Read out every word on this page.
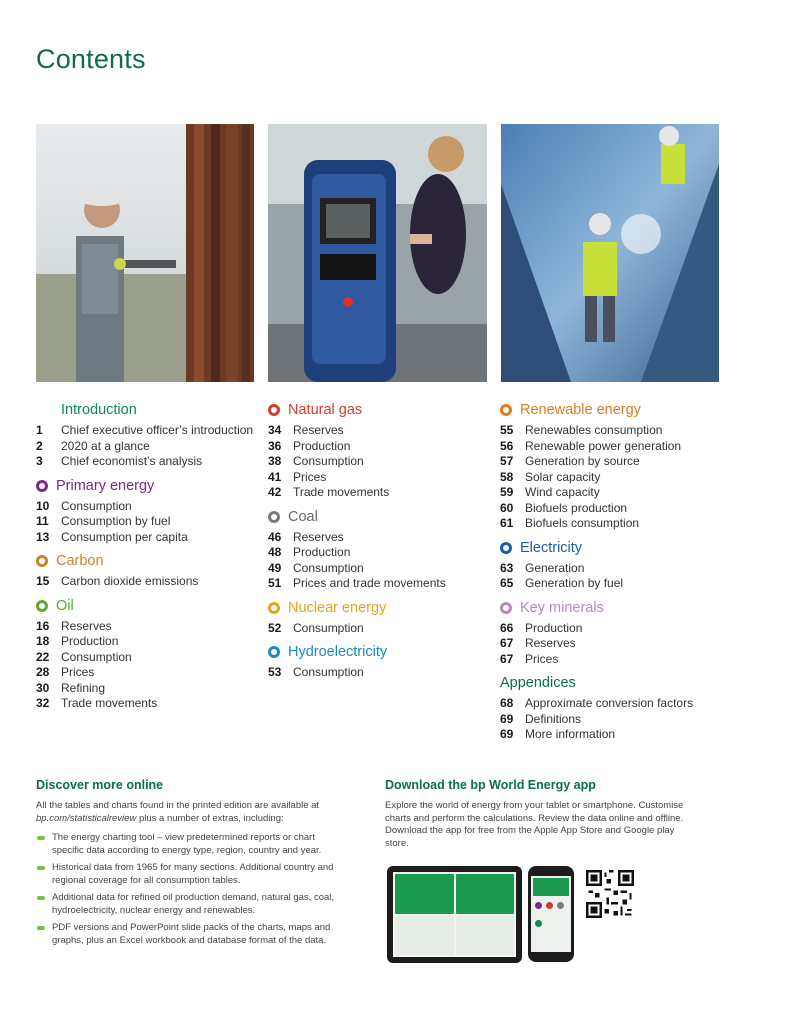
Contents
Introduction
1	Chief executive officer’s introduction
2	2020 at a glance
3	Chief economist’s analysis
Primary energy
10 Consumption
11	Consumption by fuel
13 Consumption per capita
Carbon
15 Carbon dioxide emissions
Oil
16 Reserves
18 Production
22 Consumption
28 Prices
30 Refining
32 Trade movements
Natural gas
34 Reserves
36 Production
38 Consumption
41 Prices
42 Trade movements
Coal
46 Reserves
48 Production
49 Consumption
51 Prices and trade movements
Nuclear energy
52 Consumption
Hydroelectricity
53 Consumption
Renewable energy
55 Renewables consumption
56 Renewable power generation
57 Generation by source
58 Solar capacity
59 Wind capacity
60 Biofuels production
61 Biofuels consumption
Electricity
63 Generation
65 Generation by fuel
Key minerals
66 Production
67 Reserves
67 Prices
Appendices
68 Approximate conversion factors
69 Definitions
69 More information
Discover more online
All the tables and charts found in the printed edition are available at bp.com/statisticalreview plus a number of extras, including:
The energy charting tool – view predetermined reports or chart specific data according to energy type, region, country and year.
Historical data from 1965 for many sections. Additional country and regional coverage for all consumption tables.
Additional data for refined oil production demand, natural gas, coal, hydroelectricity, nuclear energy and renewables.
PDF versions and PowerPoint slide packs of the charts, maps and graphs, plus an Excel workbook and database format of the data.
Download the bp World Energy app
Explore the world of energy from your tablet or smartphone. Customise charts and perform the calculations. Review the data online and offline. Download the app for free from the Apple App Store and Google play store.
